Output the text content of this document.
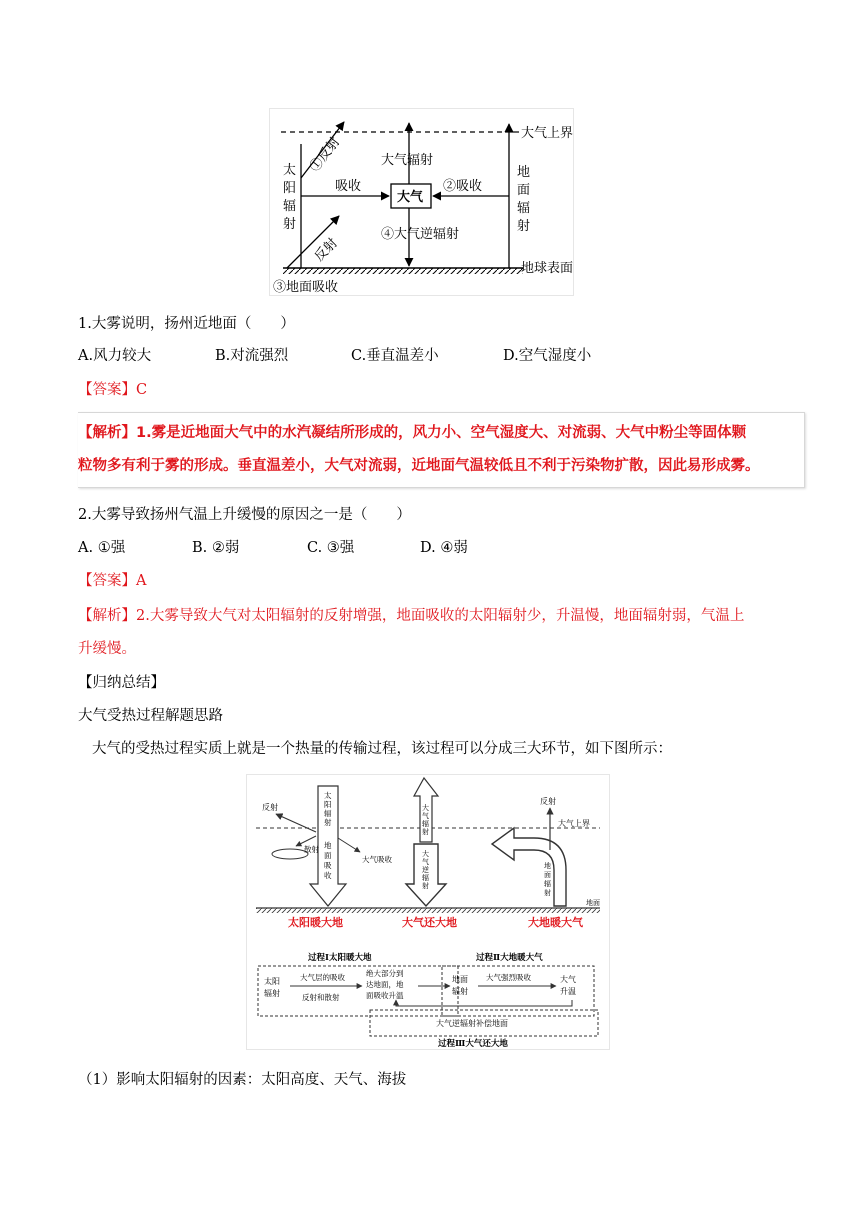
大气上界
地球表面
①反射
反射
大气辐射
吸收
大气
②吸收
④大气逆辐射
③地面吸收
太
阳
辐
射
地
面
辐
射
1.大雾说明，扬州近地面（　　）
A.风力较大	B.对流强烈	C.垂直温差小	D.空气湿度小
【答案】C
【解析】1.雾是近地面大气中的水汽凝结所形成的，风力小、空气湿度大、对流弱、大气中粉尘等固体颗
粒物多有利于雾的形成。垂直温差小，大气对流弱，近地面气温较低且不利于污染物扩散，因此易形成雾。
2.大雾导致扬州气温上升缓慢的原因之一是（　　）
A. ①强	B. ②弱	C. ③强	D. ④弱
【答案】A
【解析】2.大雾导致大气对太阳辐射的反射增强，地面吸收的太阳辐射少，升温慢，地面辐射弱，气温上
升缓慢。
【归纳总结】
大气受热过程解题思路
大气的受热过程实质上就是一个热量的传输过程，该过程可以分成三大环节，如下图所示：
大气上界
地面
太
阳
辐
射
地
面
吸
收
反射
散射
大气吸收
大
气
辐
射
大
气
逆
辐
射
反射
地
面
辐
射
太阳暖大地	大气还大地	大地暖大气
过程Ⅰ太阳暖大地	过程Ⅱ大地暖大气
太阳
辐射
大气层的吸收
反射和散射
绝大部分到
达地面，地
面吸收升温
地面
辐射
大气强烈吸收	大气
升温
大气逆辐射补偿地面
过程Ⅲ大气还大地
（1）影响太阳辐射的因素：太阳高度、天气、海拔
